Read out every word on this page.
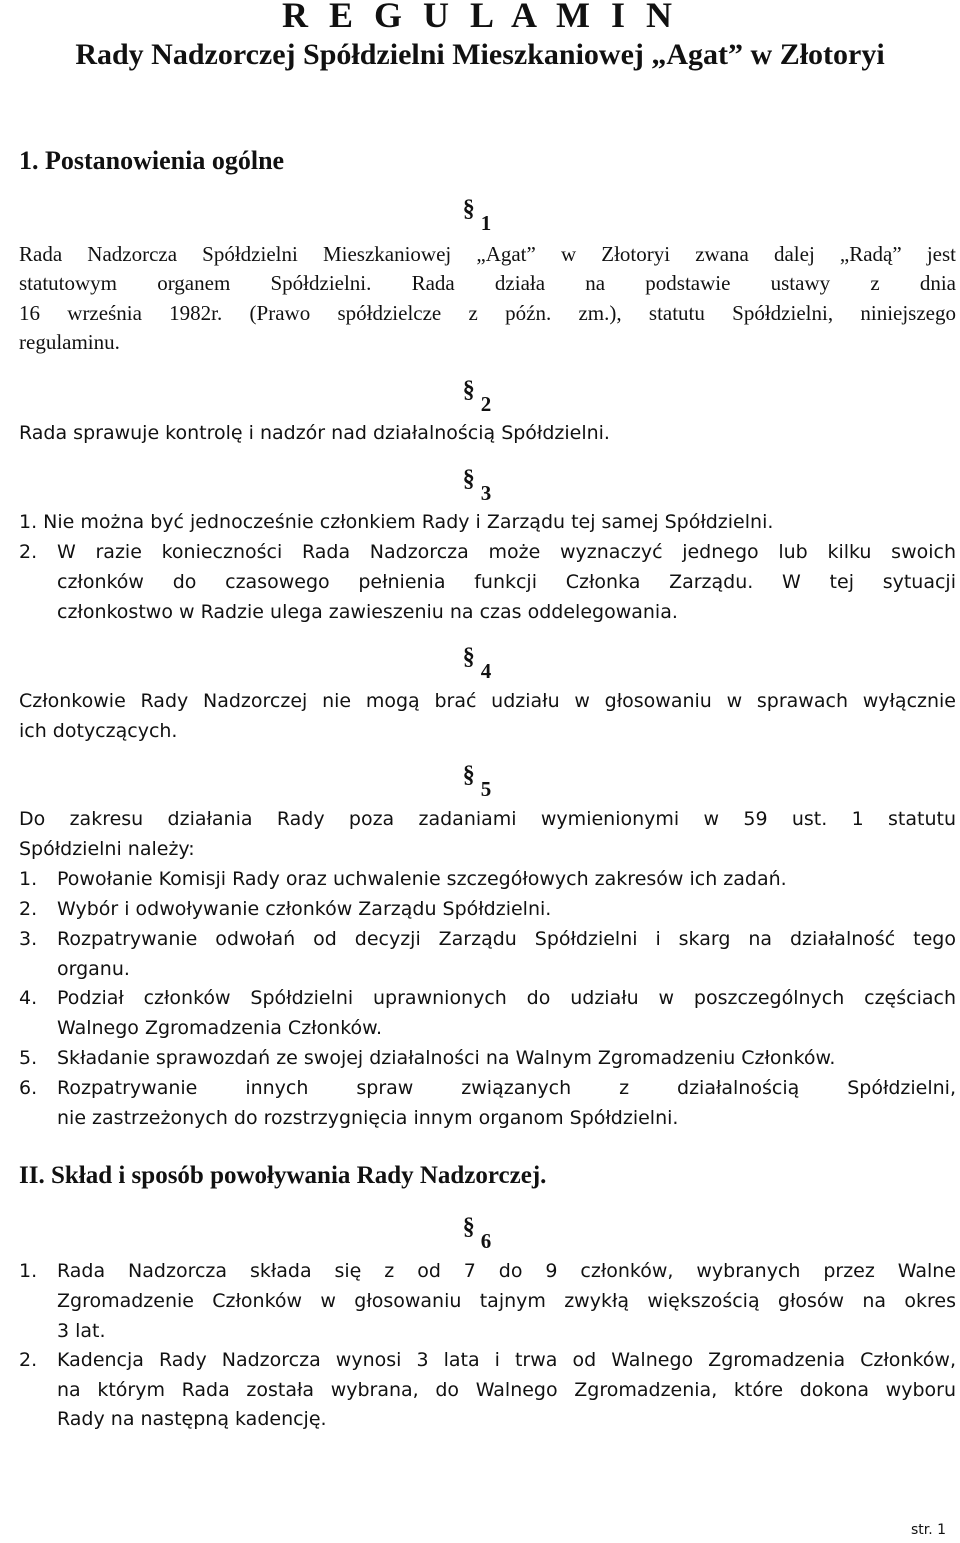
R E G U L A M I N
Rady Nadzorczej Spółdzielni Mieszkaniowej „Agat” w Złotoryi
1. Postanowienia ogólne
§1
Rada Nadzorcza Spółdzielni Mieszkaniowej „Agat” w Złotoryi zwana dalej „Radą” jest
statutowym organem Spółdzielni. Rada działa na podstawie ustawy z dnia
16 września 1982r. (Prawo spółdzielcze z późn. zm.), statutu Spółdzielni, niniejszego
regulaminu.
§2
Rada sprawuje kontrolę i nadzór nad działalnością Spółdzielni.
§3
1. Nie można być jednocześnie członkiem Rady i Zarządu tej samej Spółdzielni.
2.	W razie konieczności Rada Nadzorcza może wyznaczyć jednego lub kilku swoich
członków do czasowego pełnienia funkcji Członka Zarządu. W tej sytuacji
członkostwo w Radzie ulega zawieszeniu na czas oddelegowania.
§4
Członkowie Rady Nadzorczej nie mogą brać udziału w głosowaniu w sprawach wyłącznie
ich dotyczących.
§5
Do zakresu działania Rady poza zadaniami wymienionymi w 59 ust. 1 statutu
Spółdzielni należy:
1.	Powołanie Komisji Rady oraz uchwalenie szczegółowych zakresów ich zadań.
2.	Wybór i odwoływanie członków Zarządu Spółdzielni.
3.	Rozpatrywanie odwołań od decyzji Zarządu Spółdzielni i skarg na działalność tego
organu.
4.	Podział członków Spółdzielni uprawnionych do udziału w poszczególnych częściach
Walnego Zgromadzenia Członków.
5.	Składanie sprawozdań ze swojej działalności na Walnym Zgromadzeniu Członków.
6.	Rozpatrywanie innych spraw związanych z działalnością Spółdzielni,
nie zastrzeżonych do rozstrzygnięcia innym organom Spółdzielni.
II. Skład i sposób powoływania Rady Nadzorczej.
§6
1.	Rada Nadzorcza składa się z od 7 do 9 członków, wybranych przez Walne
Zgromadzenie Członków w głosowaniu tajnym zwykłą większością głosów na okres
3 lat.
2.	Kadencja Rady Nadzorcza wynosi 3 lata i trwa od Walnego Zgromadzenia Członków,
na którym Rada została wybrana, do Walnego Zgromadzenia, które dokona wyboru
Rady na następną kadencję.
str. 1
